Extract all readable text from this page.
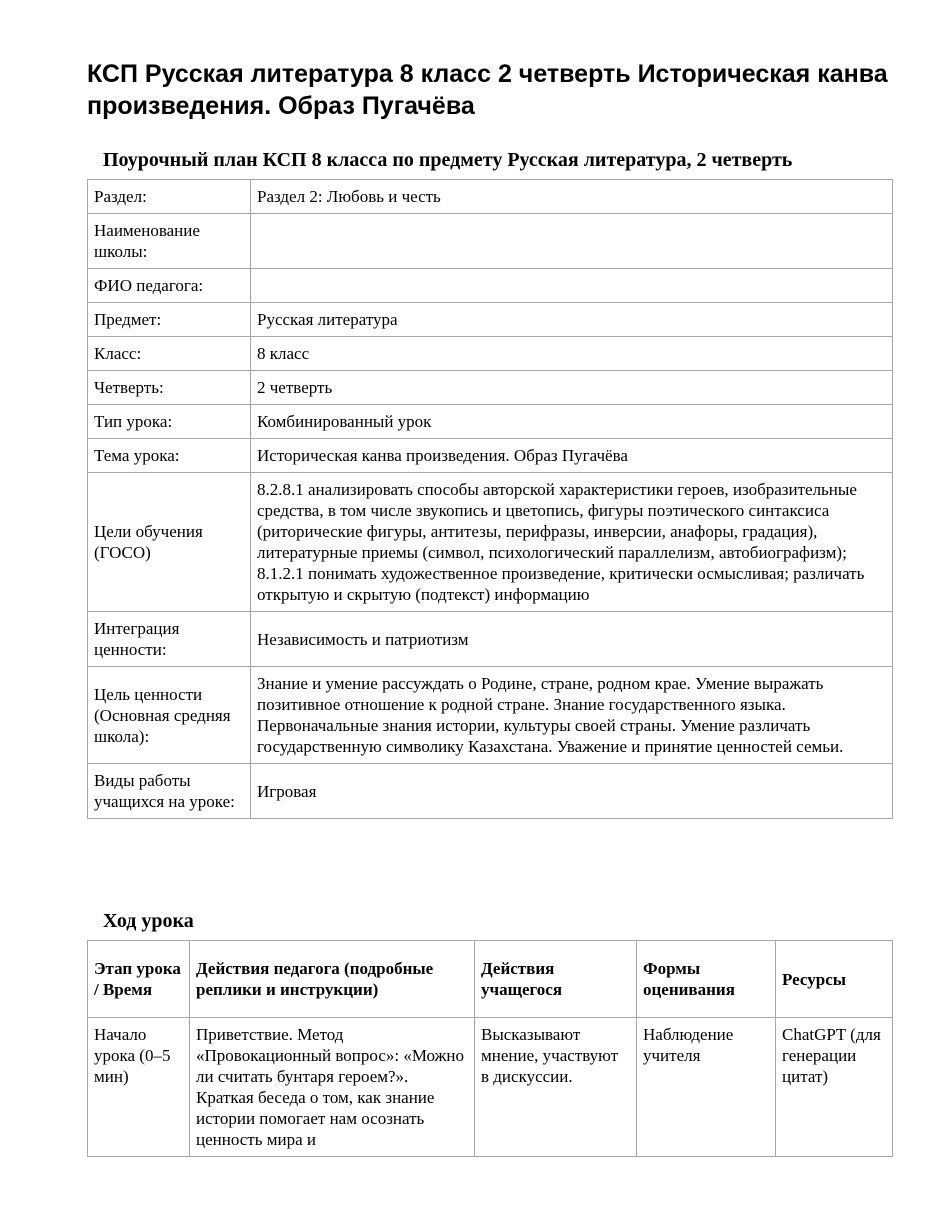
КСП Русская литература 8 класс 2 четверть Историческая канва произведения. Образ Пугачёва
Поурочный план КСП 8 класса по предмету Русская литература, 2 четверть
Раздел:	Раздел 2: Любовь и честь
Наименование школы:	
ФИО педагога:	
Предмет:	Русская литература
Класс:	8 класс
Четверть:	2 четверть
Тип урока:	Комбинированный урок
Тема урока:	Историческая канва произведения. Образ Пугачёва
Цели обучения (ГОСО)	8.2.8.1 анализировать способы авторской характеристики героев, изобразительные средства, в том числе звукопись и цветопись, фигуры поэтического синтаксиса (риторические фигуры, антитезы, перифразы, инверсии, анафоры, градация), литературные приемы (символ, психологический параллелизм, автобиографизм); 8.1.2.1 понимать художественное произведение, критически осмысливая; различать открытую и скрытую (подтекст) информацию
Интеграция ценности:	Независимость и патриотизм
Цель ценности (Основная средняя школа):	Знание и умение рассуждать о Родине, стране, родном крае. Умение выражать позитивное отношение к родной стране. Знание государственного языка. Первоначальные знания истории, культуры своей страны. Умение различать государственную символику Казахстана. Уважение и принятие ценностей семьи.
Виды работы учащихся на уроке:	Игровая
Ход урока
Этап урока / Время	Действия педагога (подробные реплики и инструкции)	Действия учащегося	Формы оценивания	Ресурсы
Начало урока (0–5 мин)	Приветствие. Метод «Провокационный вопрос»: «Можно ли считать бунтаря героем?». Краткая беседа о том, как знание истории помогает нам осознать ценность мира и	Высказывают мнение, участвуют в дискуссии.	Наблюдение учителя	ChatGPT (для генерации цитат)
